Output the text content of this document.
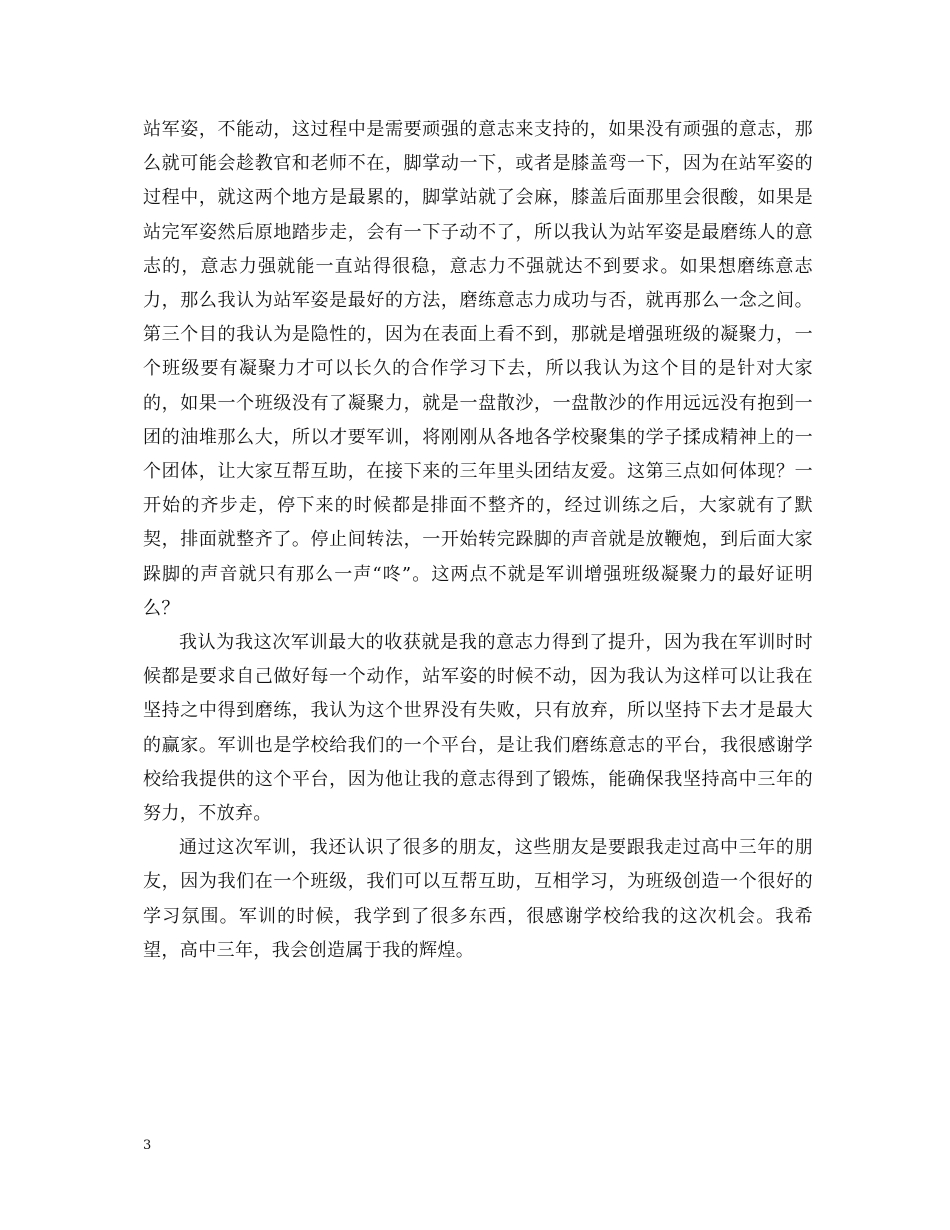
站军姿，不能动，这过程中是需要顽强的意志来支持的，如果没有顽强的意志，那么就可能会趁教官和老师不在，脚掌动一下，或者是膝盖弯一下，因为在站军姿的过程中，就这两个地方是最累的，脚掌站就了会麻，膝盖后面那里会很酸，如果是站完军姿然后原地踏步走，会有一下子动不了，所以我认为站军姿是最磨练人的意志的，意志力强就能一直站得很稳，意志力不强就达不到要求。如果想磨练意志力，那么我认为站军姿是最好的方法，磨练意志力成功与否，就再那么一念之间。第三个目的我认为是隐性的，因为在表面上看不到，那就是增强班级的凝聚力，一个班级要有凝聚力才可以长久的合作学习下去，所以我认为这个目的是针对大家的，如果一个班级没有了凝聚力，就是一盘散沙，一盘散沙的作用远远没有抱到一团的油堆那么大，所以才要军训，将刚刚从各地各学校聚集的学子揉成精神上的一个团体，让大家互帮互助，在接下来的三年里头团结友爱。这第三点如何体现？一开始的齐步走，停下来的时候都是排面不整齐的，经过训练之后，大家就有了默契，排面就整齐了。停止间转法，一开始转完跺脚的声音就是放鞭炮，到后面大家跺脚的声音就只有那么一声“咚”。这两点不就是军训增强班级凝聚力的最好证明么？

我认为我这次军训最大的收获就是我的意志力得到了提升，因为我在军训时时候都是要求自己做好每一个动作，站军姿的时候不动，因为我认为这样可以让我在坚持之中得到磨练，我认为这个世界没有失败，只有放弃，所以坚持下去才是最大的赢家。军训也是学校给我们的一个平台，是让我们磨练意志的平台，我很感谢学校给我提供的这个平台，因为他让我的意志得到了锻炼，能确保我坚持高中三年的努力，不放弃。

通过这次军训，我还认识了很多的朋友，这些朋友是要跟我走过高中三年的朋友，因为我们在一个班级，我们可以互帮互助，互相学习，为班级创造一个很好的学习氛围。军训的时候，我学到了很多东西，很感谢学校给我的这次机会。我希望，高中三年，我会创造属于我的辉煌。

3
